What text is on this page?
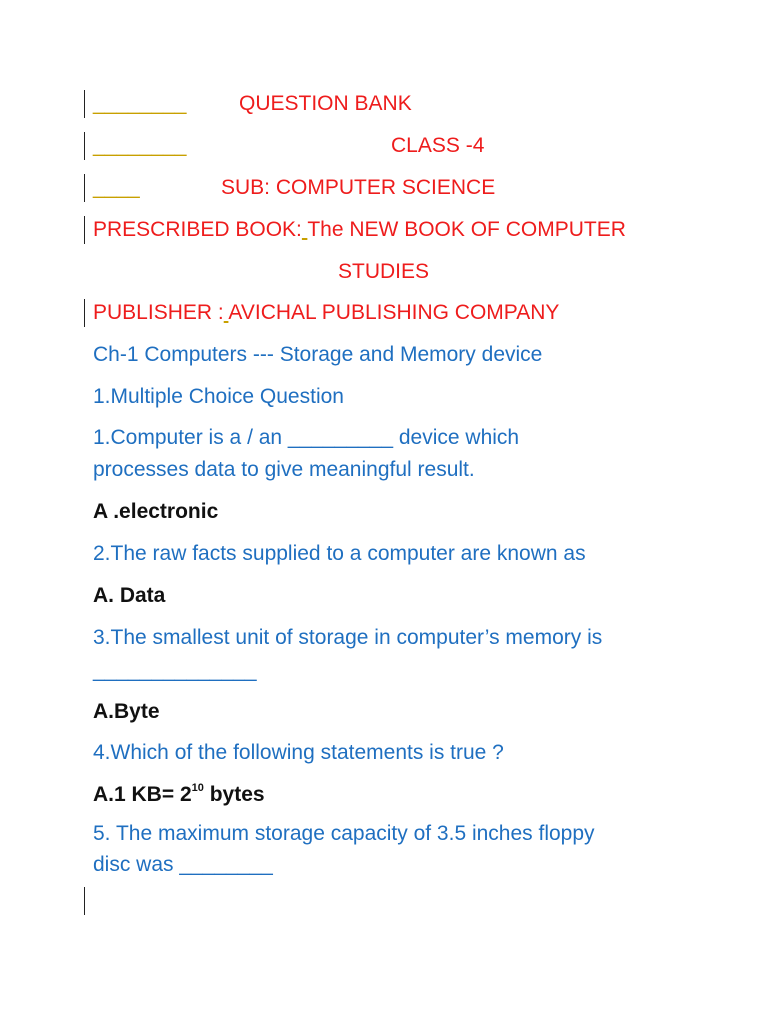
________	QUESTION BANK
________	CLASS -4
____	SUB: COMPUTER SCIENCE
PRESCRIBED BOOK: The NEW BOOK OF COMPUTER
STUDIES
PUBLISHER : AVICHAL PUBLISHING COMPANY
Ch-1 Computers --- Storage and Memory device
1.Multiple Choice Question
1.Computer is a / an _________ device which
processes data to give meaningful result.
A .electronic
2.The raw facts supplied to a computer are known as
A. Data
3.The smallest unit of storage in computer’s memory is
______________
A.Byte
4.Which of the following statements is true ?
A.1 $KB= 2^{10}$ bytes
5. The maximum storage capacity of 3.5 inches floppy
disc was ________
